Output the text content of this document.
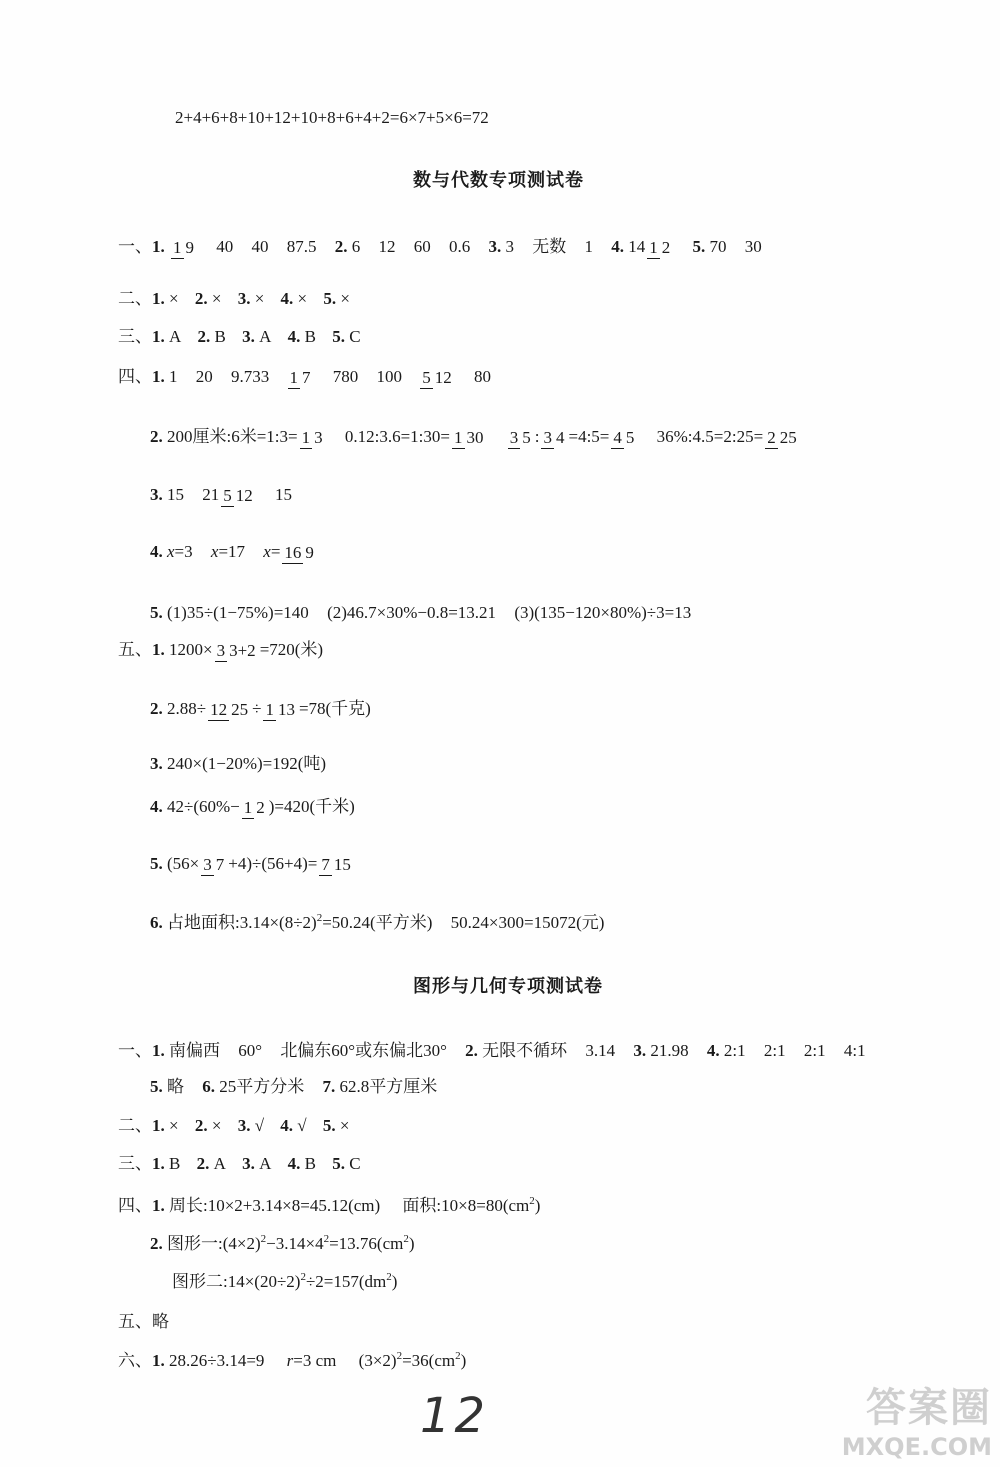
2+4+6+8+10+12+10+8+6+4+2=6×7+5×6=72
数与代数专项测试卷
一、1. 1 9 40 40 87.5 2. 6 12 60 0.6 3. 3 无数 1 4. 14 1 2 5. 70 30
二、1. × 2. × 3. × 4. × 5. ×
三、1. A 2. B 3. A 4. B 5. C
四、1. 1 20 9.733 1 7 780 100 5 12 80
2. 200厘米:6米=1:3= 1 3 0.12:3.6=1:30= 1 30 3 5 : 3 4 =4:5= 4 5 36%:4.5=2:25= 2 25
3. 15 21 5 12 15
4. x=3 x=17 x= 16 9
5. (1)35÷(1−75%)=140 (2)46.7×30%−0.8=13.21 (3)(135−120×80%)÷3=13
五、1. 1200× 3 3+2 =720(米)
2. 2.88÷ 12 25 ÷ 1 13 =78(千克)
3. 240×(1−20%)=192(吨)
4. 42÷(60%− 1 2 )=420(千米)
5. (56× 3 7 +4)÷(56+4)= 7 15
6. 占地面积$:3.14\times(8\div 2)^2=50.24$(平方米) 50.24×300=15072(元)
图形与几何专项测试卷
一、1. 南偏西 60° 北偏东60°或东偏北30° 2. 无限不循环 3.14 3. 21.98 4. 2:1 2:1 2:1 4:1
5. 略 6. 25平方分米 7. 62.8平方厘米
二、1. × 2. × 3. √ 4. √ 5. ×
三、1. B 2. A 3. A 4. B 5. C
四、1. 周长:10×2+3.14×8=45.12(cm) 面积$:10\times 8=80(cm^2)$
2. 图形一$:(4\times 2)^2-3.14\times 4^2=13.76(cm^2)$
图形二$:14\times(20\div 2)^2\div 2=157(dm^2)$
五、略
六、1. 28.26÷3.14=9 r=3 cm $(3\times 2)^2=36(cm^2)$
12	答案圈
MXQE.COM
